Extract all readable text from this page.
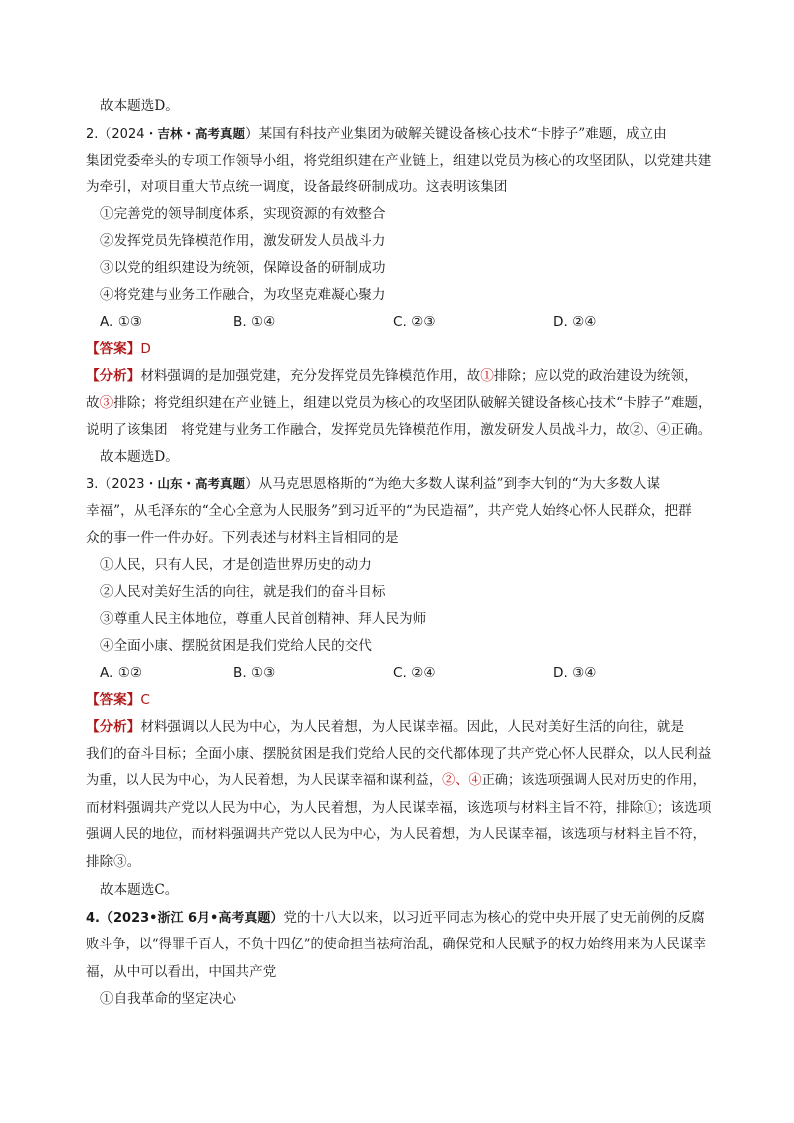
故本题选D。
2.（2024・吉林・高考真题）某国有科技产业集团为破解关键设备核心技术“卡脖子”难题，成立由
集团党委牵头的专项工作领导小组，将党组织建在产业链上，组建以党员为核心的攻坚团队，以党建共建
为牵引，对项目重大节点统一调度，设备最终研制成功。这表明该集团
①完善党的领导制度体系，实现资源的有效整合
②发挥党员先锋模范作用，激发研发人员战斗力
③以党的组织建设为统领，保障设备的研制成功
④将党建与业务工作融合，为攻坚克难凝心聚力
A. ①③	B. ①④	C. ②③	D. ②④
【答案】D
【分析】材料强调的是加强党建，充分发挥党员先锋模范作用，故①排除；应以党的政治建设为统领，
故③排除；将党组织建在产业链上，组建以党员为核心的攻坚团队破解关键设备核心技术“卡脖子”难题，
说明了该集团　将党建与业务工作融合，发挥党员先锋模范作用，激发研发人员战斗力，故②、④正确。
故本题选D。
3.（2023・山东・高考真题）从马克思恩格斯的“为绝大多数人谋利益”到李大钊的“为大多数人谋
幸福”，从毛泽东的“全心全意为人民服务”到习近平的“为民造福”，共产党人始终心怀人民群众，把群
众的事一件一件办好。下列表述与材料主旨相同的是
①人民，只有人民，才是创造世界历史的动力
②人民对美好生活的向往，就是我们的奋斗目标
③尊重人民主体地位，尊重人民首创精神、拜人民为师
④全面小康、摆脱贫困是我们党给人民的交代
A. ①②	B. ①③	C. ②④	D. ③④
【答案】C
【分析】材料强调以人民为中心，为人民着想，为人民谋幸福。因此，人民对美好生活的向往，就是
我们的奋斗目标；全面小康、摆脱贫困是我们党给人民的交代都体现了共产党心怀人民群众，以人民利益
为重，以人民为中心，为人民着想，为人民谋幸福和谋利益，②、④正确；该选项强调人民对历史的作用，
而材料强调共产党以人民为中心，为人民着想，为人民谋幸福，该选项与材料主旨不符，排除①；该选项
强调人民的地位，而材料强调共产党以人民为中心，为人民着想，为人民谋幸福，该选项与材料主旨不符，
排除③。
故本题选C。
4.（2023•浙江 6月•高考真题）党的十八大以来，以习近平同志为核心的党中央开展了史无前例的反腐
败斗争，以“得罪千百人，不负十四亿”的使命担当祛疴治乱，确保党和人民赋予的权力始终用来为人民谋幸
福，从中可以看出，中国共产党
①自我革命的坚定决心
